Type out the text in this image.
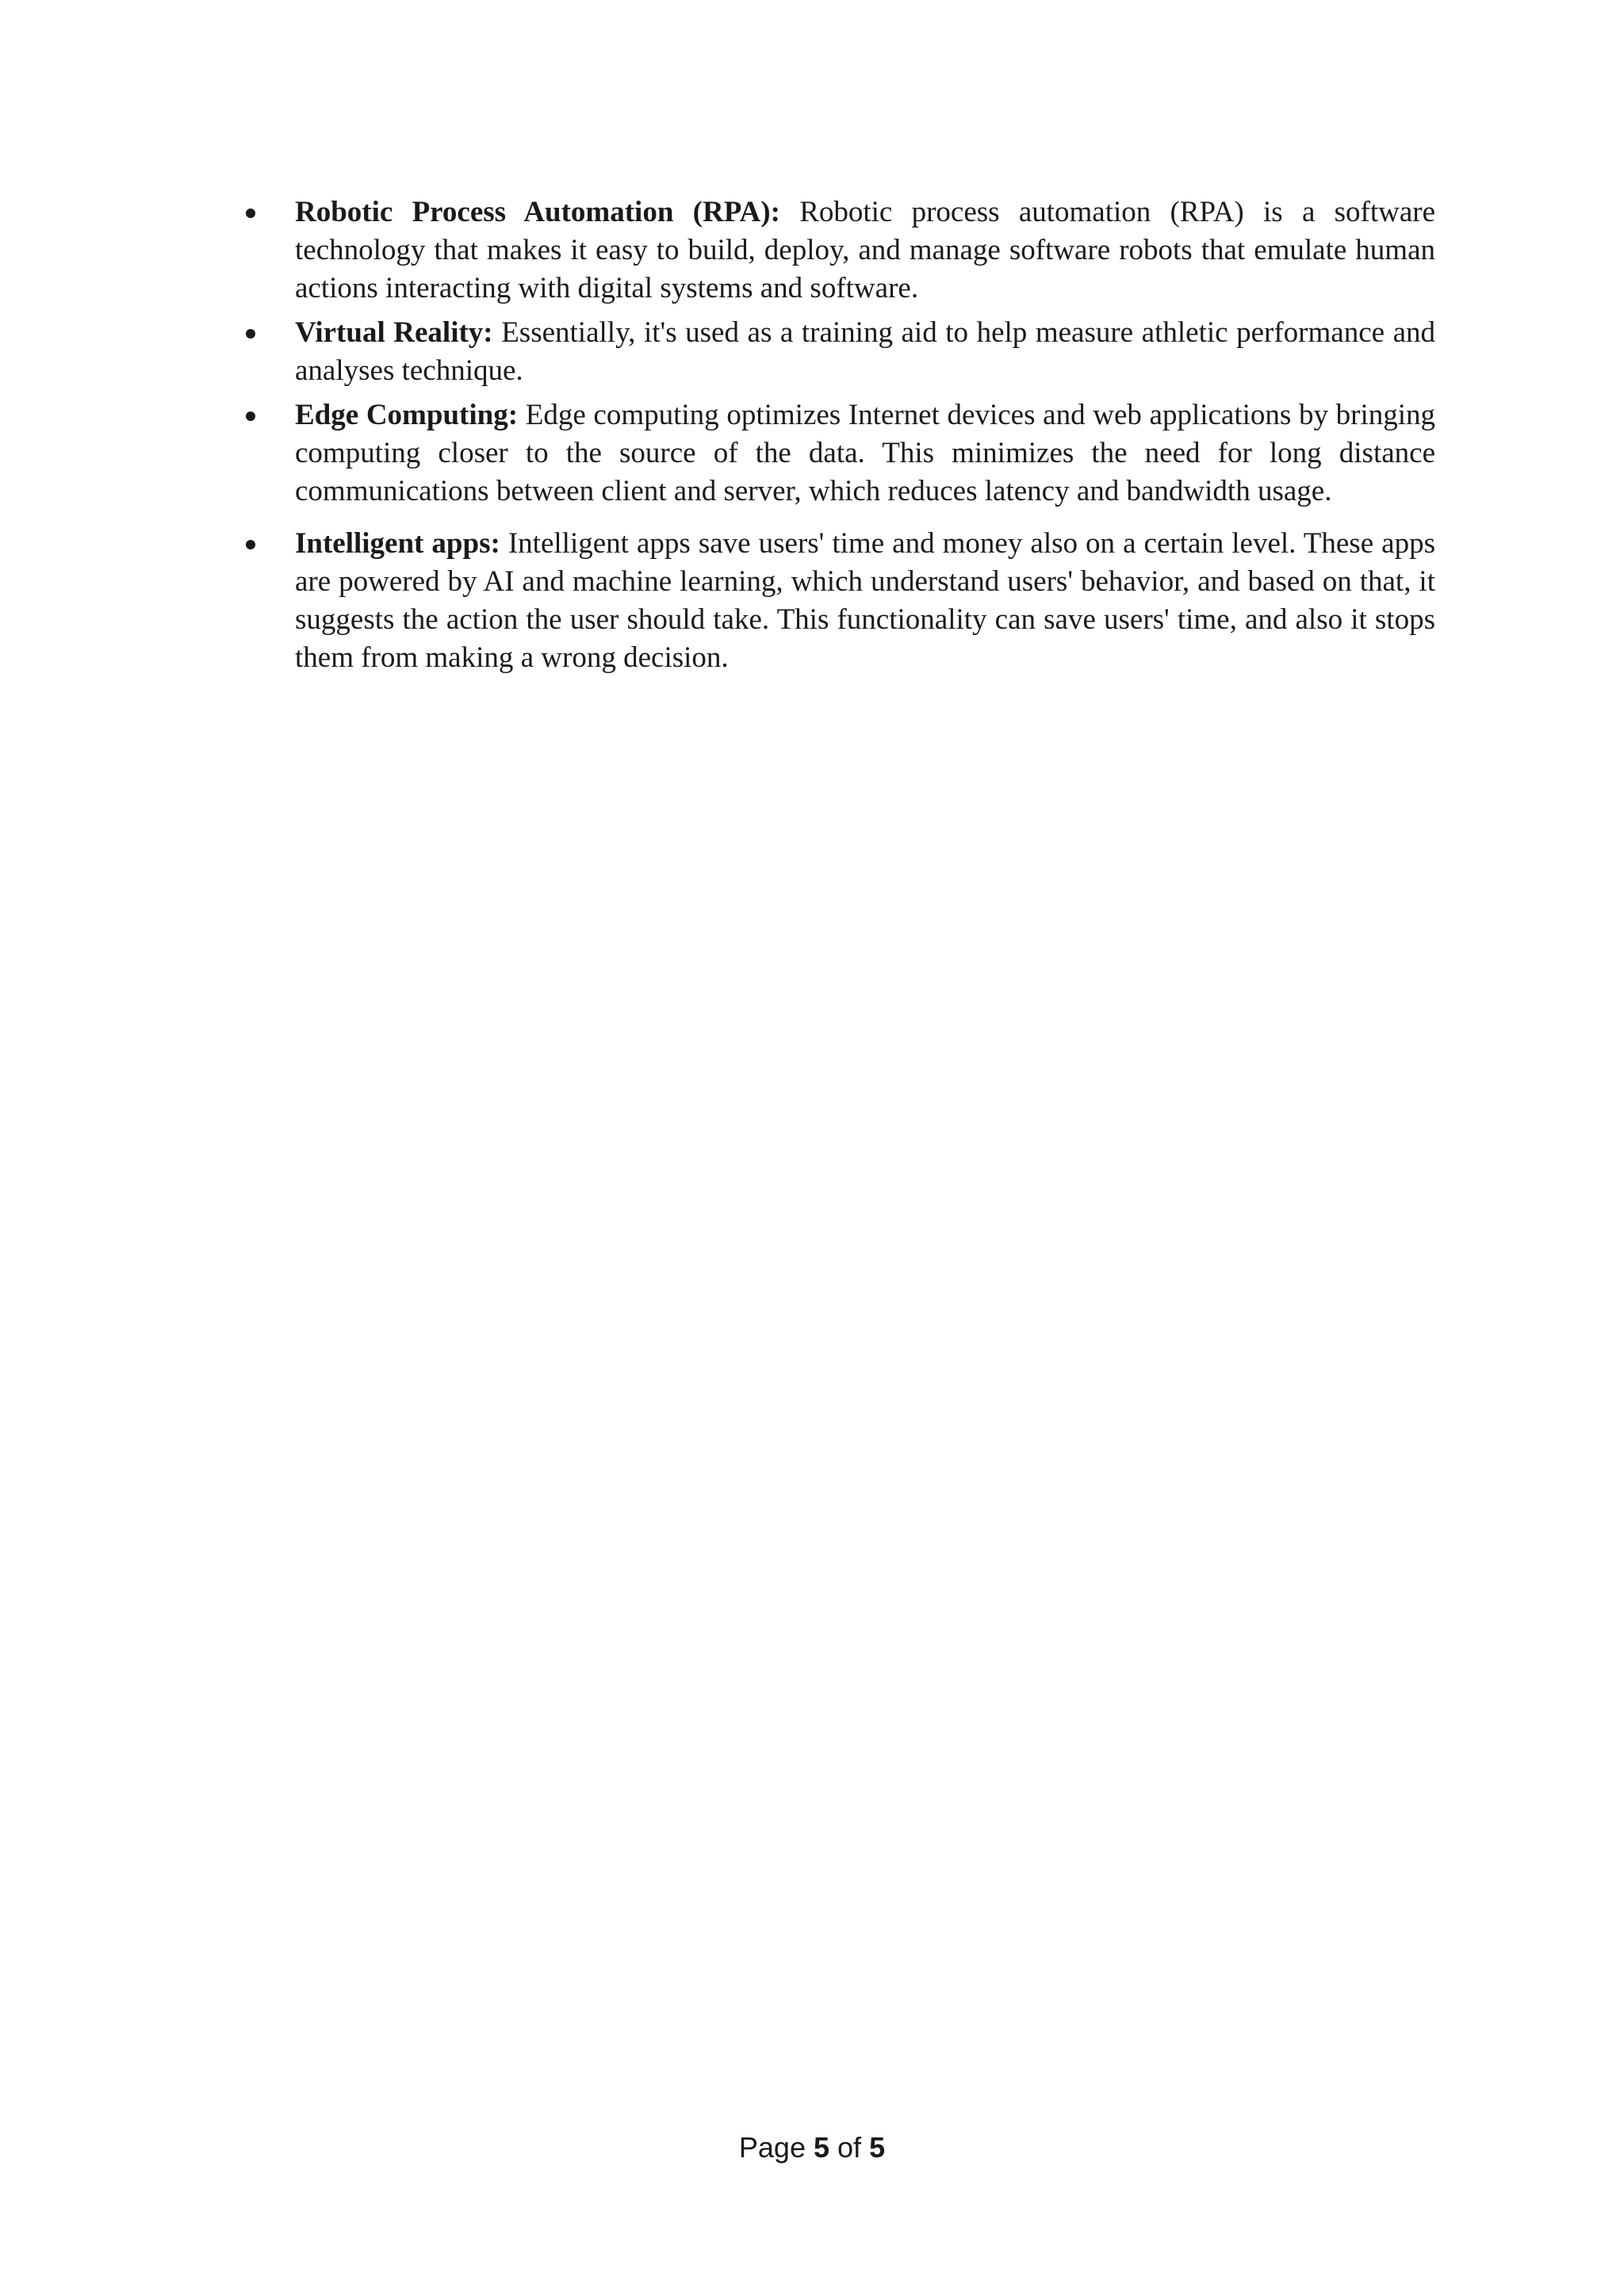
Robotic Process Automation (RPA): Robotic process automation (RPA) is a software technology that makes it easy to build, deploy, and manage software robots that emulate human actions interacting with digital systems and software.
Virtual Reality: Essentially, it's used as a training aid to help measure athletic performance and analyses technique.
Edge Computing: Edge computing optimizes Internet devices and web applications by bringing computing closer to the source of the data. This minimizes the need for long distance communications between client and server, which reduces latency and bandwidth usage.
Intelligent apps: Intelligent apps save users' time and money also on a certain level. These apps are powered by AI and machine learning, which understand users' behavior, and based on that, it suggests the action the user should take. This functionality can save users' time, and also it stops them from making a wrong decision.
Page 5 of 5
